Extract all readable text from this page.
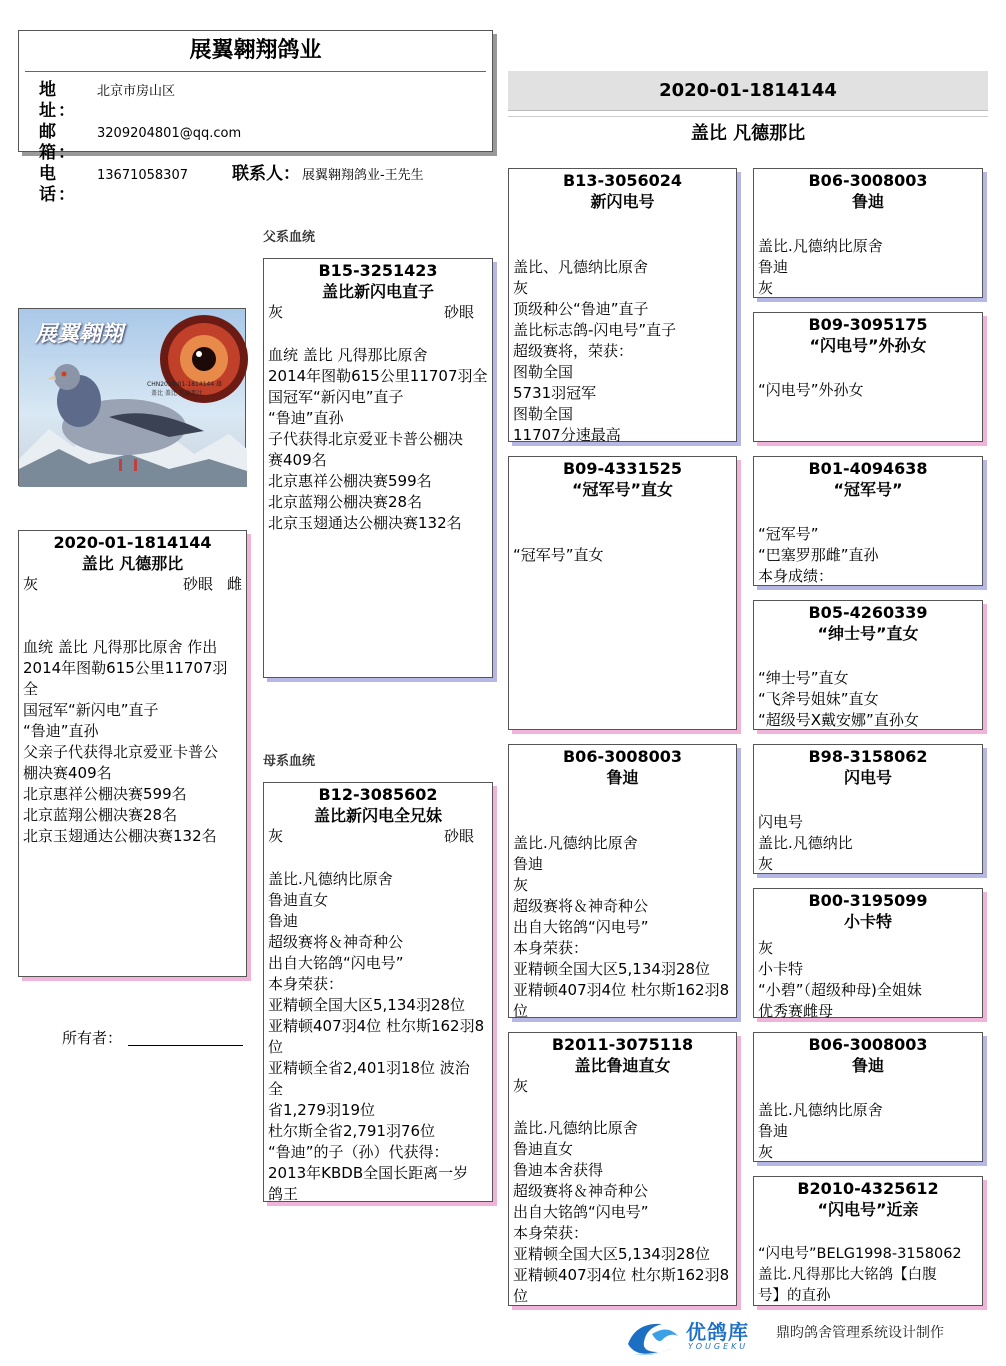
展翼翱翔鸽业
地 址：
北京市房山区
邮 箱：
3209204801@qq.com
电 话：
13671058307	联系人： 展翼翱翔鸽业-王先生
2020-01-1814144
盖比 凡德那比
展翼翱翔
CHN2020-01-1814144 雄
盖比 盖比 凡德那比
2020-01-1814144
盖比 凡德那比
灰	砂眼 雌
血统 盖比 凡得那比原舍 作出
2014年图勒615公里11707羽全
国冠军“新闪电”直子
“鲁迪”直孙
父亲子代获得北京爱亚卡普公
棚决赛409名
北京惠祥公棚决赛599名
北京蓝翔公棚决赛28名
北京玉翅通达公棚决赛132名
所有者：
父系血统
母系血统
B15-3251423
盖比新闪电直子
灰	砂眼
血统 盖比 凡得那比原舍
2014年图勒615公里11707羽全
国冠军“新闪电”直子
“鲁迪”直孙
子代获得北京爱亚卡普公棚决
赛409名
北京惠祥公棚决赛599名
北京蓝翔公棚决赛28名
北京玉翅通达公棚决赛132名
B12-3085602
盖比新闪电全兄妹
灰	砂眼
盖比.凡德纳比原舍
鲁迪直女
鲁迪
超级赛将＆神奇种公
出自大铭鸽“闪电号”
本身荣获：
亚精顿全国大区5,134羽28位
亚精顿407羽4位 杜尔斯162羽8
位
亚精顿全省2,401羽18位 波治
全
省1,279羽19位
杜尔斯全省2,791羽76位
“鲁迪”的子（孙）代获得：
2013年KBDB全国长距离一岁
鸽王
B13-3056024
新闪电号
盖比、凡德纳比原舍
灰
顶级种公“鲁迪”直子
盖比标志鸽-闪电号”直子
超级赛将，荣获：
图勒全国
5731羽冠军
图勒全国
11707分速最高
B09-4331525
“冠军号”直女
“冠军号”直女
B06-3008003
鲁迪
盖比.凡德纳比原舍
鲁迪
灰
超级赛将＆神奇种公
出自大铭鸽“闪电号”
本身荣获：
亚精顿全国大区5,134羽28位
亚精顿407羽4位 杜尔斯162羽8
位
B2011-3075118
盖比鲁迪直女
灰

盖比.凡德纳比原舍
鲁迪直女
鲁迪本舍获得
超级赛将＆神奇种公
出自大铭鸽“闪电号”
本身荣获：
亚精顿全国大区5,134羽28位
亚精顿407羽4位 杜尔斯162羽8
位
B06-3008003
鲁迪
盖比.凡德纳比原舍
鲁迪
灰
B09-3095175
“闪电号”外孙女
“闪电号”外孙女
B01-4094638
“冠军号”
“冠军号”
“巴塞罗那雌”直孙
本身成绩：
B05-4260339
“绅士号”直女
“绅士号”直女
“飞斧号姐妹”直女
“超级号X戴安娜”直孙女
B98-3158062
闪电号
闪电号
盖比.凡德纳比
灰
B00-3195099
小卡特
灰
小卡特
“小碧”（超级种母)全姐妹
优秀赛雌母
B06-3008003
鲁迪
盖比.凡德纳比原舍
鲁迪
灰
B2010-4325612
“闪电号”近亲
“闪电号”BELG1998-3158062
盖比.凡得那比大铭鸽【白腹
号】的直孙
优鸽库
YOUGEKU
鼎昀鸽舍管理系统设计制作
